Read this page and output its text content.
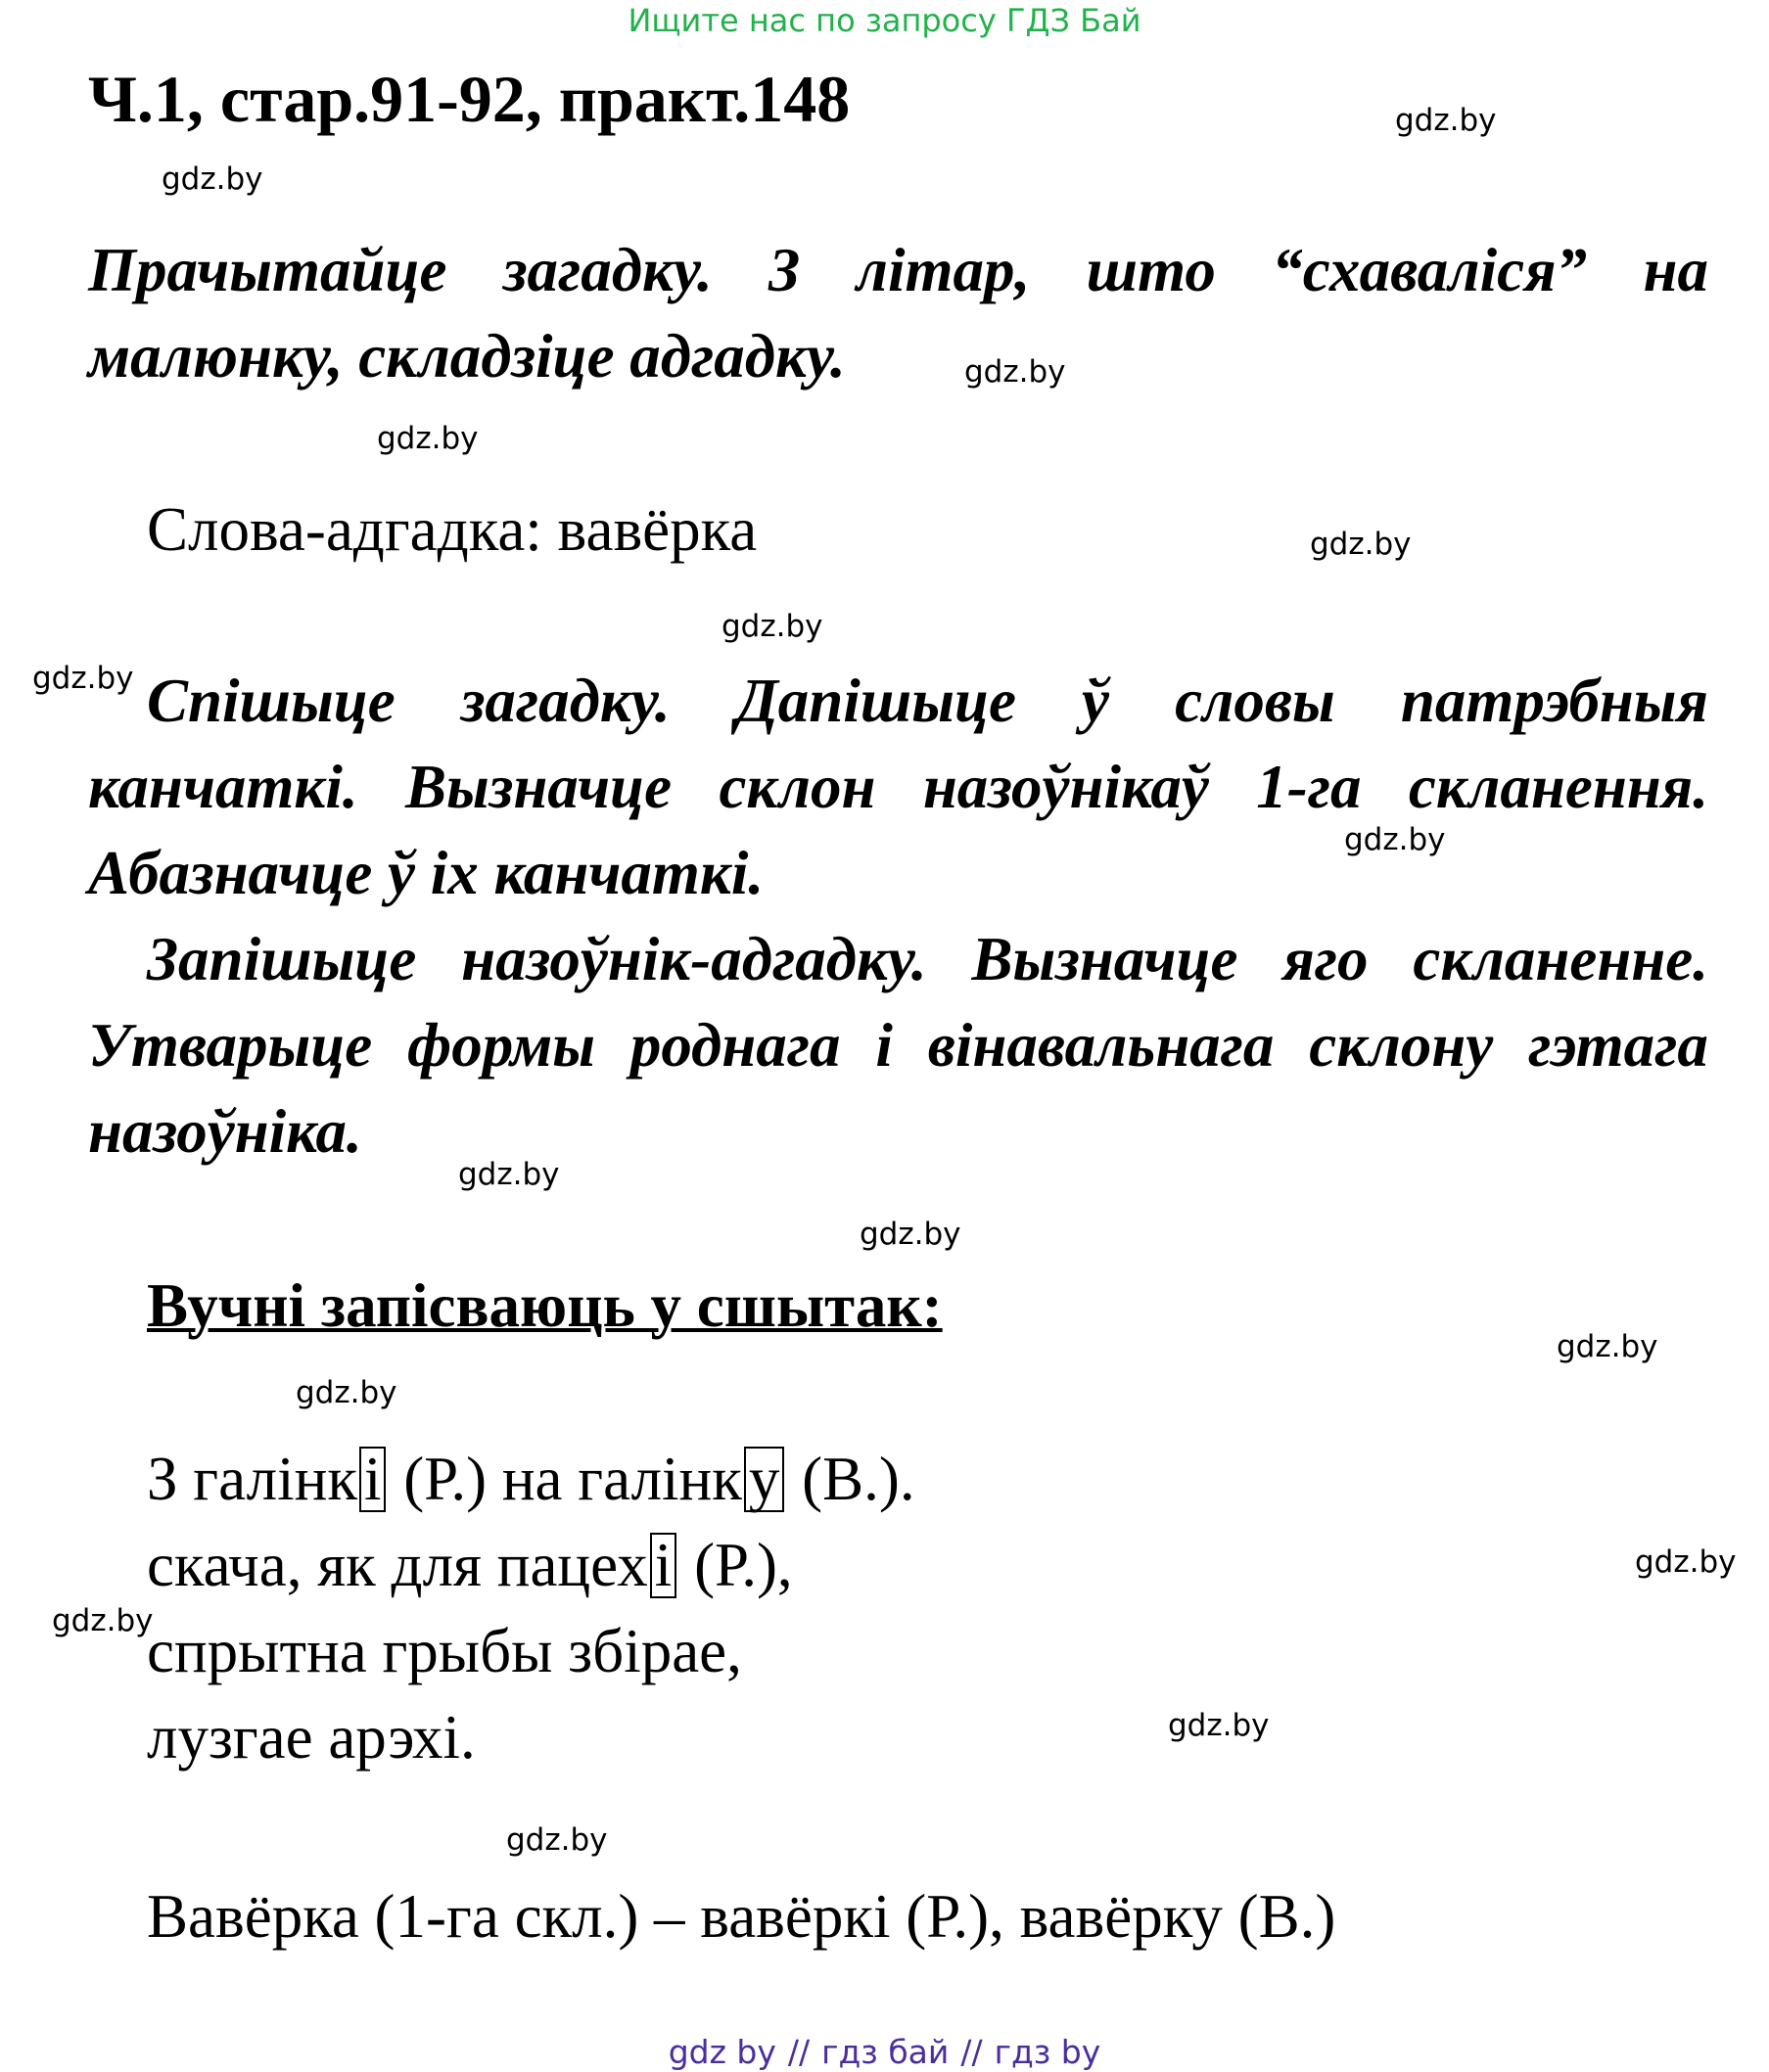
Ищите нас по запросу ГДЗ Бай
Ч.1, стар.91-92, практ.148	gdz.by
gdz.by
gdz.by
gdz.by
gdz.by
gdz.by
gdz.by
gdz.by
gdz.by
gdz.by
gdz.by
gdz.by
gdz.by
gdz.by
gdz.by
gdz.by
Прачытайце загадку. З літар, што “схаваліся” на
малюнку, складзіце адгадку.
Слова-адгадка: вавёрка
Спішыце загадку. Дапішыце ў словы патрэбныя
канчаткі. Вызначце склон назоўнікаў 1-га скланення.
Абазначце ў іх канчаткі.
Запішыце назоўнік-адгадку. Вызначце яго скланенне.
Утварыце формы роднага і вінавальнага склону гэтага
назоўніка.
Вучні запісваюць у сшытак:
З галінк і (Р.) на галінк у (В.).
скача, як для пацех і (Р.),
спрытна грыбы збірае,
лузгае арэхі.
Вавёрка (1-га скл.) – вавёркі (Р.), вавёрку (В.)
gdz by // гдз бай // гдз by
